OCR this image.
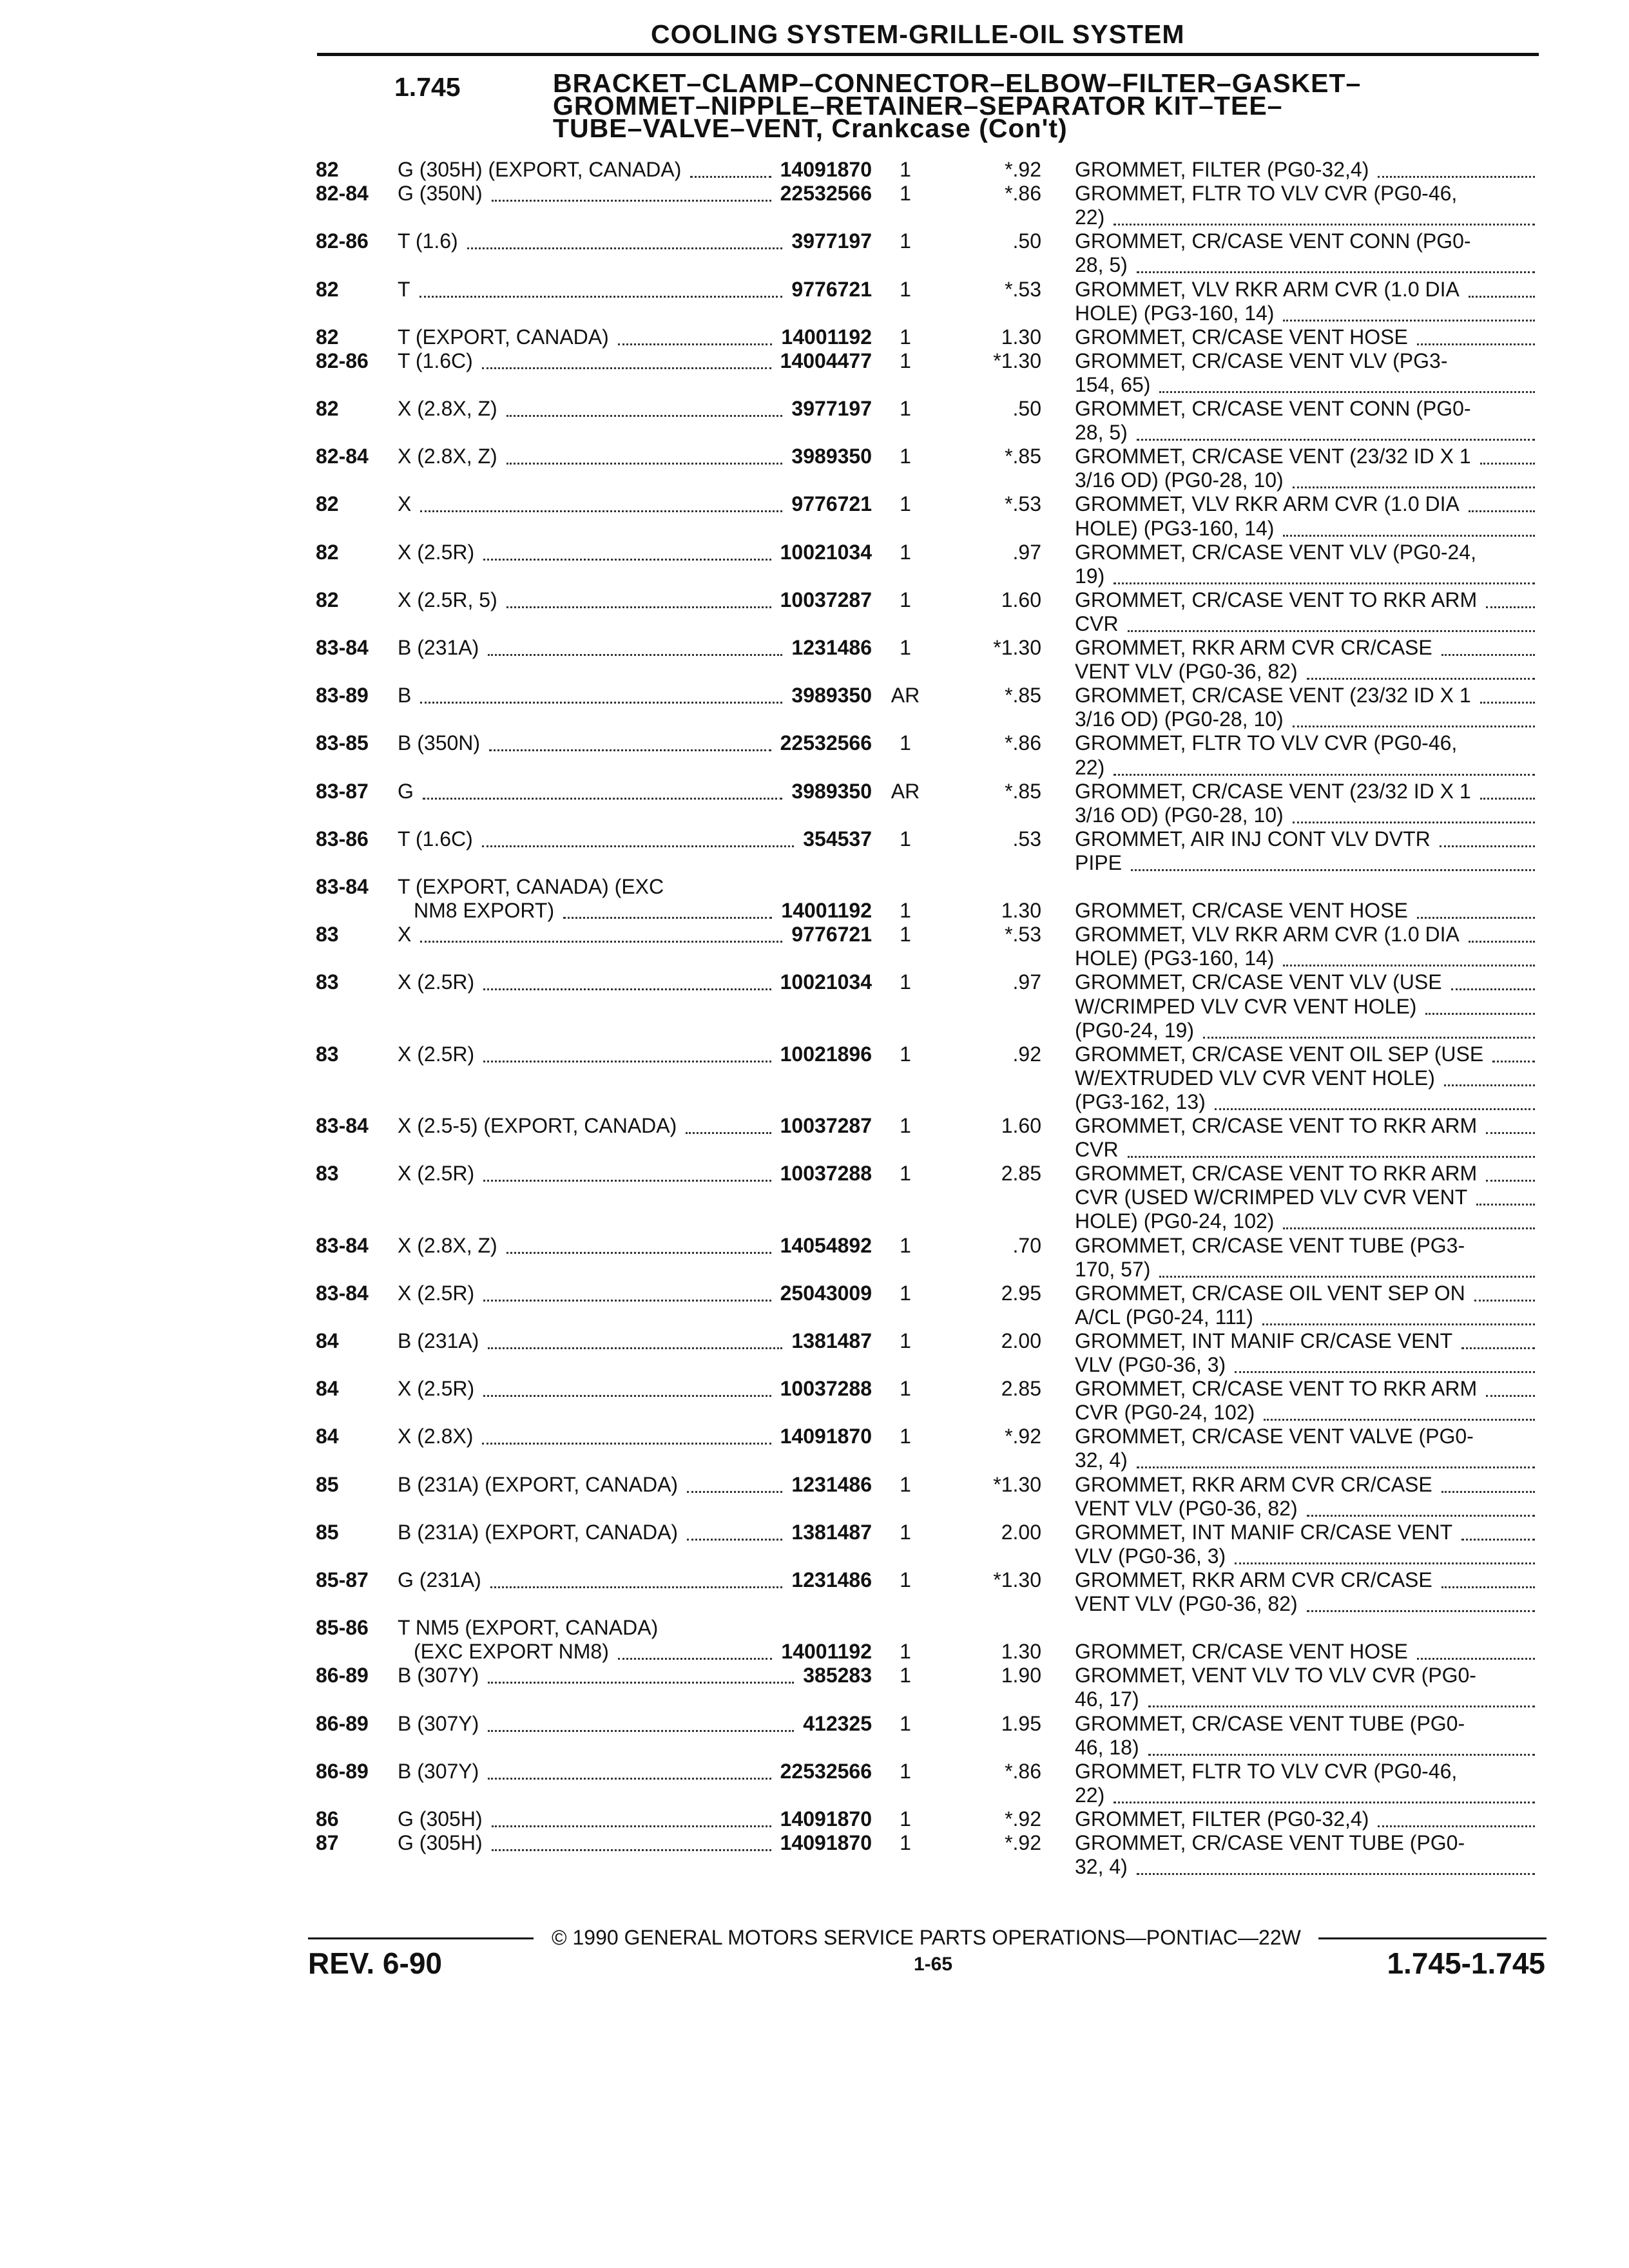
COOLING SYSTEM-GRILLE-OIL SYSTEM
1.745	BRACKET–CLAMP–CONNECTOR–ELBOW–FILTER–GASKET–
GROMMET–NIPPLE–RETAINER–SEPARATOR KIT–TEE–
TUBE–VALVE–VENT, Crankcase (Con't)
82	G (305H) (EXPORT, CANADA)	14091870	1	*.92 GROMMET, FILTER (PG0-32,4)
82-84 G (350N)	22532566	1	*.86 GROMMET, FLTR TO VLV CVR (PG0-46,
22)
82-86 T (1.6)	3977197	1	.50 GROMMET, CR/CASE VENT CONN (PG0-
28, 5)
82	T	9776721	1	*.53 GROMMET, VLV RKR ARM CVR (1.0 DIA
HOLE) (PG3-160, 14)
82	T (EXPORT, CANADA)	14001192	1	1.30 GROMMET, CR/CASE VENT HOSE
82-86 T (1.6C)	14004477	1	*1.30 GROMMET, CR/CASE VENT VLV (PG3-
154, 65)
82	X (2.8X, Z)	3977197	1	.50 GROMMET, CR/CASE VENT CONN (PG0-
28, 5)
82-84 X (2.8X, Z)	3989350	1	*.85 GROMMET, CR/CASE VENT (23/32 ID X 1
3/16 OD) (PG0-28, 10)
82	X	9776721	1	*.53 GROMMET, VLV RKR ARM CVR (1.0 DIA
HOLE) (PG3-160, 14)
82	X (2.5R)	10021034	1	.97 GROMMET, CR/CASE VENT VLV (PG0-24,
19)
82	X (2.5R, 5)	10037287	1	1.60 GROMMET, CR/CASE VENT TO RKR ARM
CVR
83-84 B (231A)	1231486	1	*1.30 GROMMET, RKR ARM CVR CR/CASE
VENT VLV (PG0-36, 82)
83-89 B	3989350 AR	*.85 GROMMET, CR/CASE VENT (23/32 ID X 1
3/16 OD) (PG0-28, 10)
83-85 B (350N)	22532566	1	*.86 GROMMET, FLTR TO VLV CVR (PG0-46,
22)
83-87 G	3989350 AR	*.85 GROMMET, CR/CASE VENT (23/32 ID X 1
3/16 OD) (PG0-28, 10)
83-86 T (1.6C)	354537	1	.53 GROMMET, AIR INJ CONT VLV DVTR
PIPE
83-84 T (EXPORT, CANADA) (EXC
NM8 EXPORT)	14001192	1	1.30 GROMMET, CR/CASE VENT HOSE
83	X	9776721	1	*.53 GROMMET, VLV RKR ARM CVR (1.0 DIA
HOLE) (PG3-160, 14)
83	X (2.5R)	10021034	1	.97 GROMMET, CR/CASE VENT VLV (USE
W/CRIMPED VLV CVR VENT HOLE)
(PG0-24, 19)
83	X (2.5R)	10021896	1	.92 GROMMET, CR/CASE VENT OIL SEP (USE
W/EXTRUDED VLV CVR VENT HOLE)
(PG3-162, 13)
83-84 X (2.5-5) (EXPORT, CANADA)	10037287	1	1.60 GROMMET, CR/CASE VENT TO RKR ARM
CVR
83	X (2.5R)	10037288	1	2.85 GROMMET, CR/CASE VENT TO RKR ARM
CVR (USED W/CRIMPED VLV CVR VENT
HOLE) (PG0-24, 102)
83-84 X (2.8X, Z)	14054892	1	.70 GROMMET, CR/CASE VENT TUBE (PG3-
170, 57)
83-84 X (2.5R)	25043009	1	2.95 GROMMET, CR/CASE OIL VENT SEP ON
A/CL (PG0-24, 111)
84	B (231A)	1381487	1	2.00 GROMMET, INT MANIF CR/CASE VENT
VLV (PG0-36, 3)
84	X (2.5R)	10037288	1	2.85 GROMMET, CR/CASE VENT TO RKR ARM
CVR (PG0-24, 102)
84	X (2.8X)	14091870	1	*.92 GROMMET, CR/CASE VENT VALVE (PG0-
32, 4)
85	B (231A) (EXPORT, CANADA)	1231486	1	*1.30 GROMMET, RKR ARM CVR CR/CASE
VENT VLV (PG0-36, 82)
85	B (231A) (EXPORT, CANADA)	1381487	1	2.00 GROMMET, INT MANIF CR/CASE VENT
VLV (PG0-36, 3)
85-87 G (231A)	1231486	1	*1.30 GROMMET, RKR ARM CVR CR/CASE
VENT VLV (PG0-36, 82)
85-86 T NM5 (EXPORT, CANADA)
(EXC EXPORT NM8)	14001192	1	1.30 GROMMET, CR/CASE VENT HOSE
86-89 B (307Y)	385283	1	1.90 GROMMET, VENT VLV TO VLV CVR (PG0-
46, 17)
86-89 B (307Y)	412325	1	1.95 GROMMET, CR/CASE VENT TUBE (PG0-
46, 18)
86-89 B (307Y)	22532566	1	*.86 GROMMET, FLTR TO VLV CVR (PG0-46,
22)
86	G (305H)	14091870	1	*.92 GROMMET, FILTER (PG0-32,4)
87	G (305H)	14091870	1	*.92 GROMMET, CR/CASE VENT TUBE (PG0-
32, 4)
© 1990 GENERAL MOTORS SERVICE PARTS OPERATIONS—PONTIAC—22W
REV. 6-90	1-65	1.745-1.745
